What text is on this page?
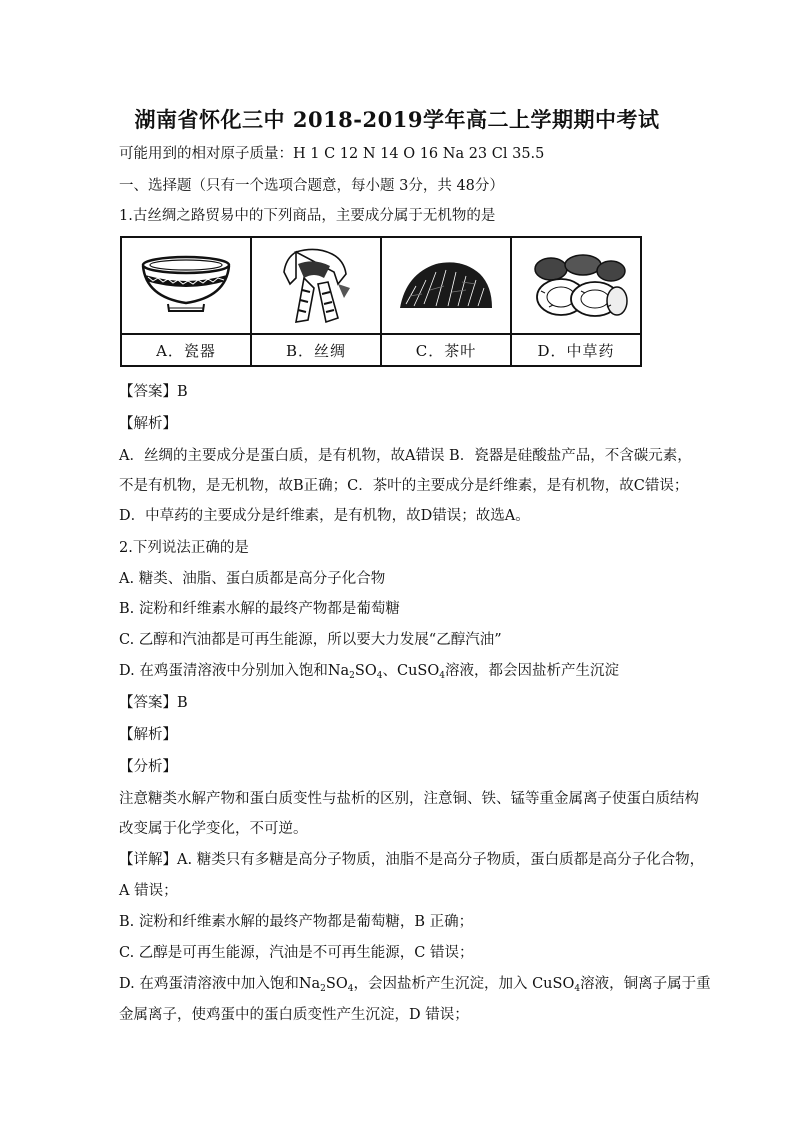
湖南省怀化三中 2018-2019学年高二上学期期中考试
可能用到的相对原子质量：H 1 C 12 N 14 O 16 Na 23 Cl 35.5
一、选择题（只有一个选项合题意，每小题 3分，共 48分）
1.古丝绸之路贸易中的下列商品，主要成分属于无机物的是

A．瓷器	B．丝绸	C．茶叶	D．中草药
【答案】B
【解析】
A．丝绸的主要成分是蛋白质，是有机物，故A错误 B．瓷器是硅酸盐产品，不含碳元素，
不是有机物，是无机物，故B正确；C．茶叶的主要成分是纤维素，是有机物，故C错误；
D．中草药的主要成分是纤维素，是有机物，故D错误；故选A。
2.下列说法正确的是
A. 糖类、油脂、蛋白质都是高分子化合物
B. 淀粉和纤维素水解的最终产物都是葡萄糖
C. 乙醇和汽油都是可再生能源，所以要大力发展“乙醇汽油”
D. 在鸡蛋清溶液中分别加入饱和$Na_2SO_4$、CuSO$_4$溶液，都会因盐析产生沉淀
【答案】B
【解析】
【分析】
注意糖类水解产物和蛋白质变性与盐析的区别，注意铜、铁、锰等重金属离子使蛋白质结构
改变属于化学变化，不可逆。
【详解】A. 糖类只有多糖是高分子物质，油脂不是高分子物质，蛋白质都是高分子化合物，
A 错误；
B. 淀粉和纤维素水解的最终产物都是葡萄糖，B 正确；
C. 乙醇是可再生能源，汽油是不可再生能源，C 错误；
D. 在鸡蛋清溶液中加入饱和$Na_2SO_4$，会因盐析产生沉淀，加入 CuSO$_4$溶液，铜离子属于重
金属离子，使鸡蛋中的蛋白质变性产生沉淀，D 错误；
